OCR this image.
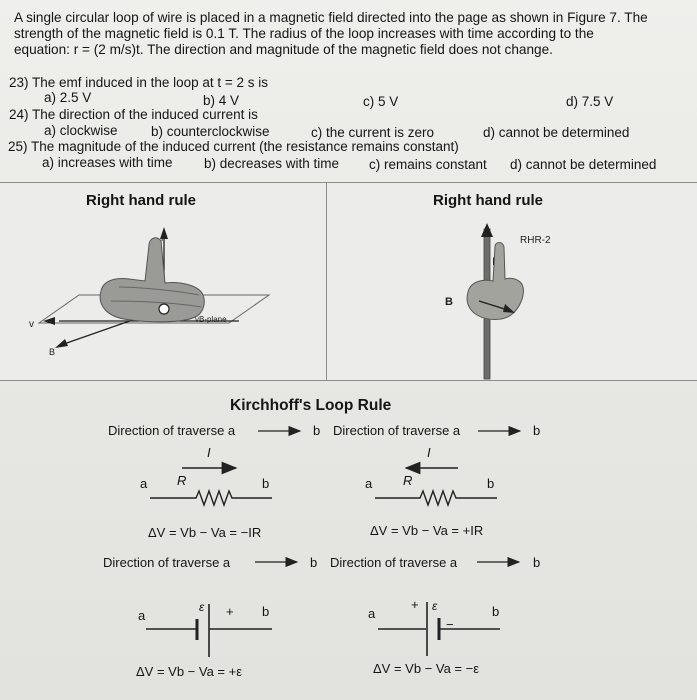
A single circular loop of wire is placed in a magnetic field directed into the page as shown in Figure 7. The
strength of the magnetic field is 0.1 T. The radius of the loop increases with time according to the
equation: r = (2 m/s)t. The direction and magnitude of the magnetic field does not change.
23) The emf induced in the loop at t = 2 s is
a) 2.5 V	b) 4 V	c) 5 V	d) 7.5 V
24) The direction of the induced current is
a) clockwise b) counterclockwise	c) the current is zero	d) cannot be determined
25) The magnitude of the induced current (the resistance remains constant)
a) increases with time b) decreases with time c) remains constant d) cannot be determined
Right hand rule
F
vB-plane
v
B
Right hand rule
RHR-2
I
B
Kirchhoff's Loop Rule
Direction of traverse a	b Direction of traverse a	b
I
a R	b
I
a R	b
ΔV = Vb − Va = −IR	ΔV = Vb − Va = +IR
Direction of traverse a	b Direction of traverse a	b
a	b
ε +	a	b
ε
+
−
ΔV = Vb − Va = +ε	ΔV = Vb − Va = −ε
